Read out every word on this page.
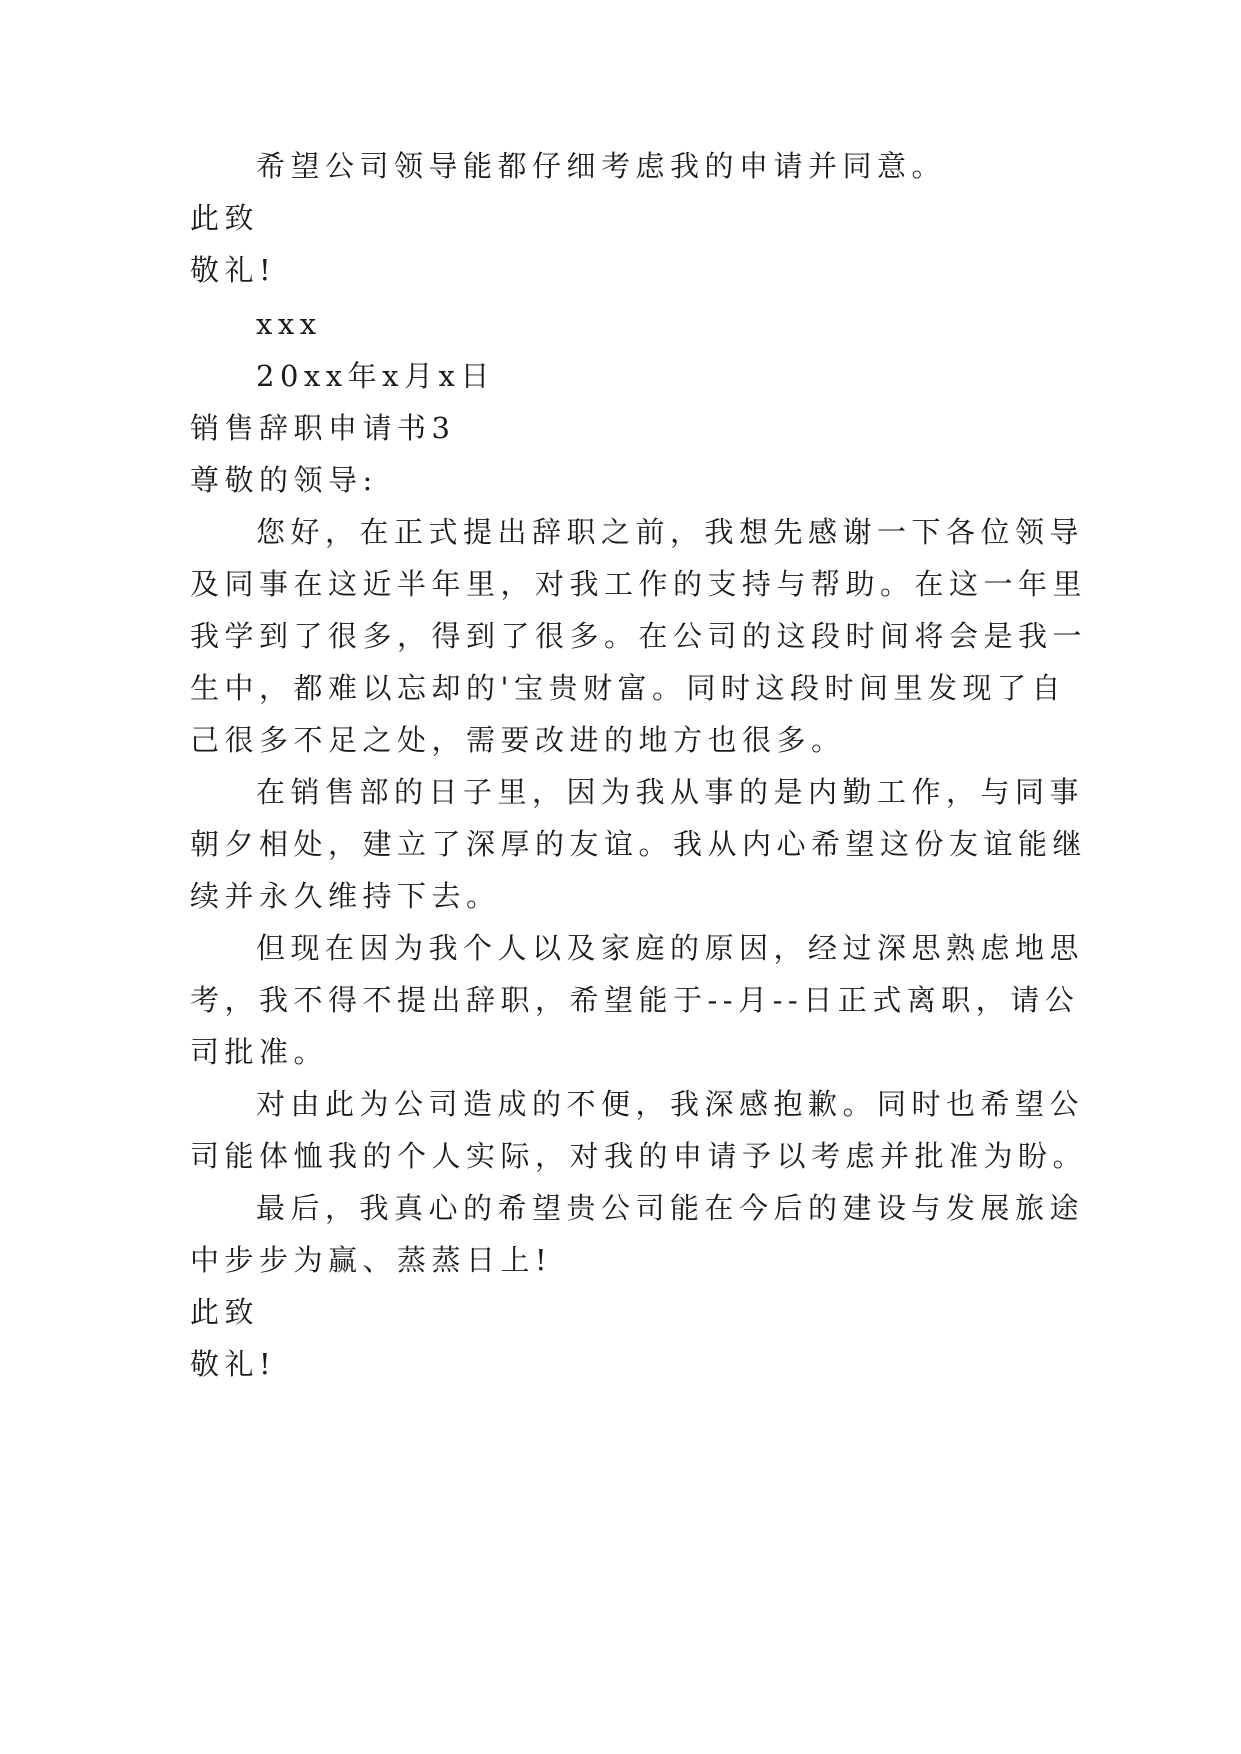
希望公司领导能都仔细考虑我的申请并同意。
此致
敬礼!
xxx
20xx年x月x日
销售辞职申请书3
尊敬的领导:
您好，在正式提出辞职之前，我想先感谢一下各位领导
及同事在这近半年里，对我工作的支持与帮助。在这一年里
我学到了很多，得到了很多。在公司的这段时间将会是我一
生中，都难以忘却的'宝贵财富。同时这段时间里发现了自
己很多不足之处，需要改进的地方也很多。
在销售部的日子里，因为我从事的是内勤工作，与同事
朝夕相处，建立了深厚的友谊。我从内心希望这份友谊能继
续并永久维持下去。
但现在因为我个人以及家庭的原因，经过深思熟虑地思
考，我不得不提出辞职，希望能于--月--日正式离职，请公
司批准。
对由此为公司造成的不便，我深感抱歉。同时也希望公
司能体恤我的个人实际，对我的申请予以考虑并批准为盼。
最后，我真心的希望贵公司能在今后的建设与发展旅途
中步步为赢、蒸蒸日上!
此致
敬礼!
